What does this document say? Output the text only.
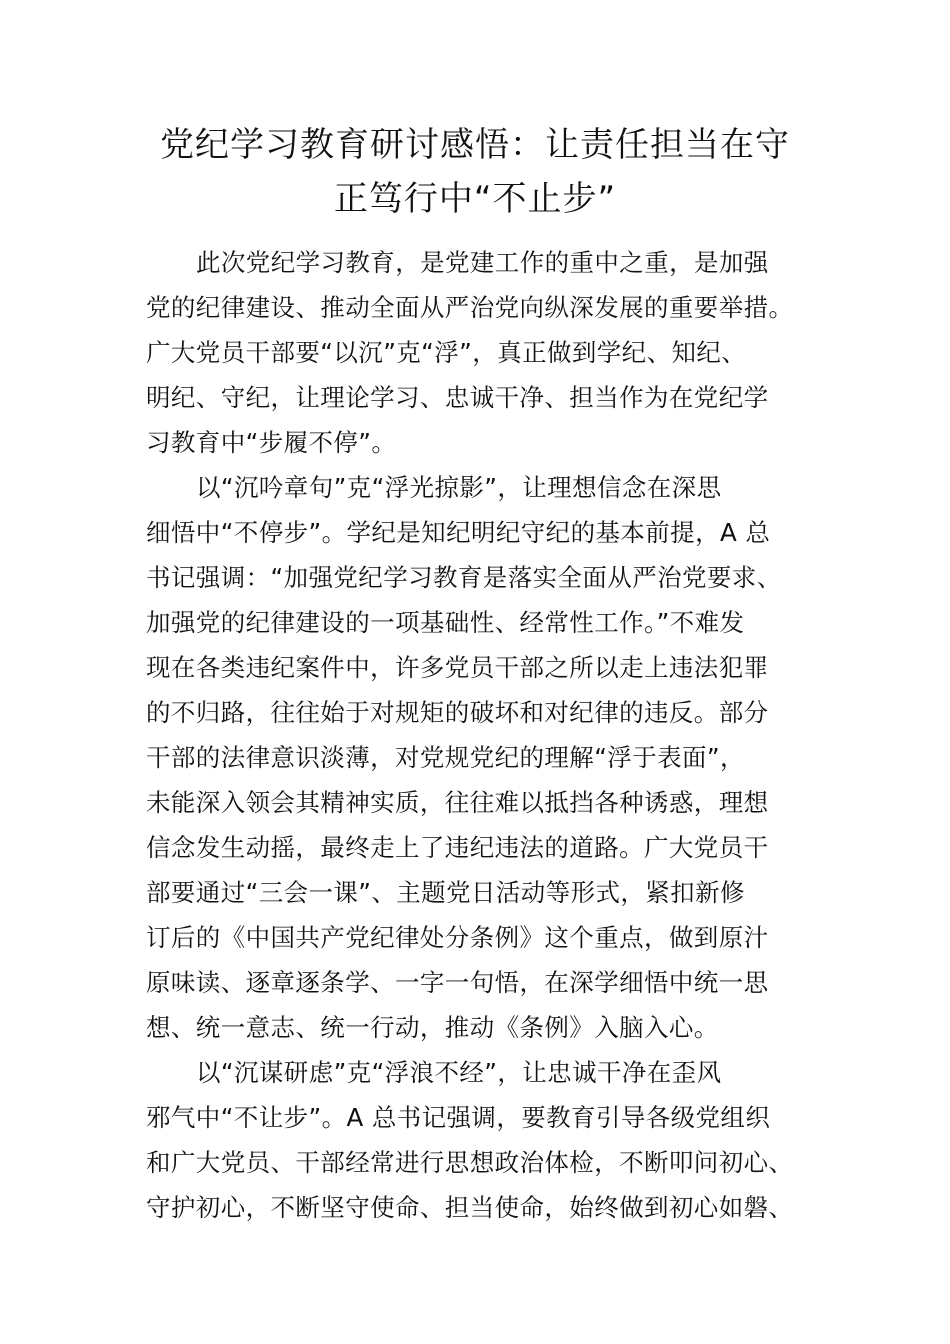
党纪学习教育研讨感悟：让责任担当在守
正笃行中“不止步”
此次党纪学习教育，是党建工作的重中之重，是加强
党的纪律建设、推动全面从严治党向纵深发展的重要举措。
广大党员干部要“以沉”克“浮”，真正做到学纪、知纪、
明纪、守纪，让理论学习、忠诚干净、担当作为在党纪学
习教育中“步履不停”。
以“沉吟章句”克“浮光掠影”，让理想信念在深思
细悟中“不停步”。学纪是知纪明纪守纪的基本前提，A 总
书记强调：“加强党纪学习教育是落实全面从严治党要求、
加强党的纪律建设的一项基础性、经常性工作。”不难发
现在各类违纪案件中，许多党员干部之所以走上违法犯罪
的不归路，往往始于对规矩的破坏和对纪律的违反。部分
干部的法律意识淡薄，对党规党纪的理解“浮于表面”，
未能深入领会其精神实质，往往难以抵挡各种诱惑，理想
信念发生动摇，最终走上了违纪违法的道路。广大党员干
部要通过“三会一课”、主题党日活动等形式，紧扣新修
订后的《中国共产党纪律处分条例》这个重点，做到原汁
原味读、逐章逐条学、一字一句悟，在深学细悟中统一思
想、统一意志、统一行动，推动《条例》入脑入心。
以“沉谋研虑”克“浮浪不经”，让忠诚干净在歪风
邪气中“不让步”。A 总书记强调，要教育引导各级党组织
和广大党员、干部经常进行思想政治体检，不断叩问初心、
守护初心，不断坚守使命、担当使命，始终做到初心如磐、
